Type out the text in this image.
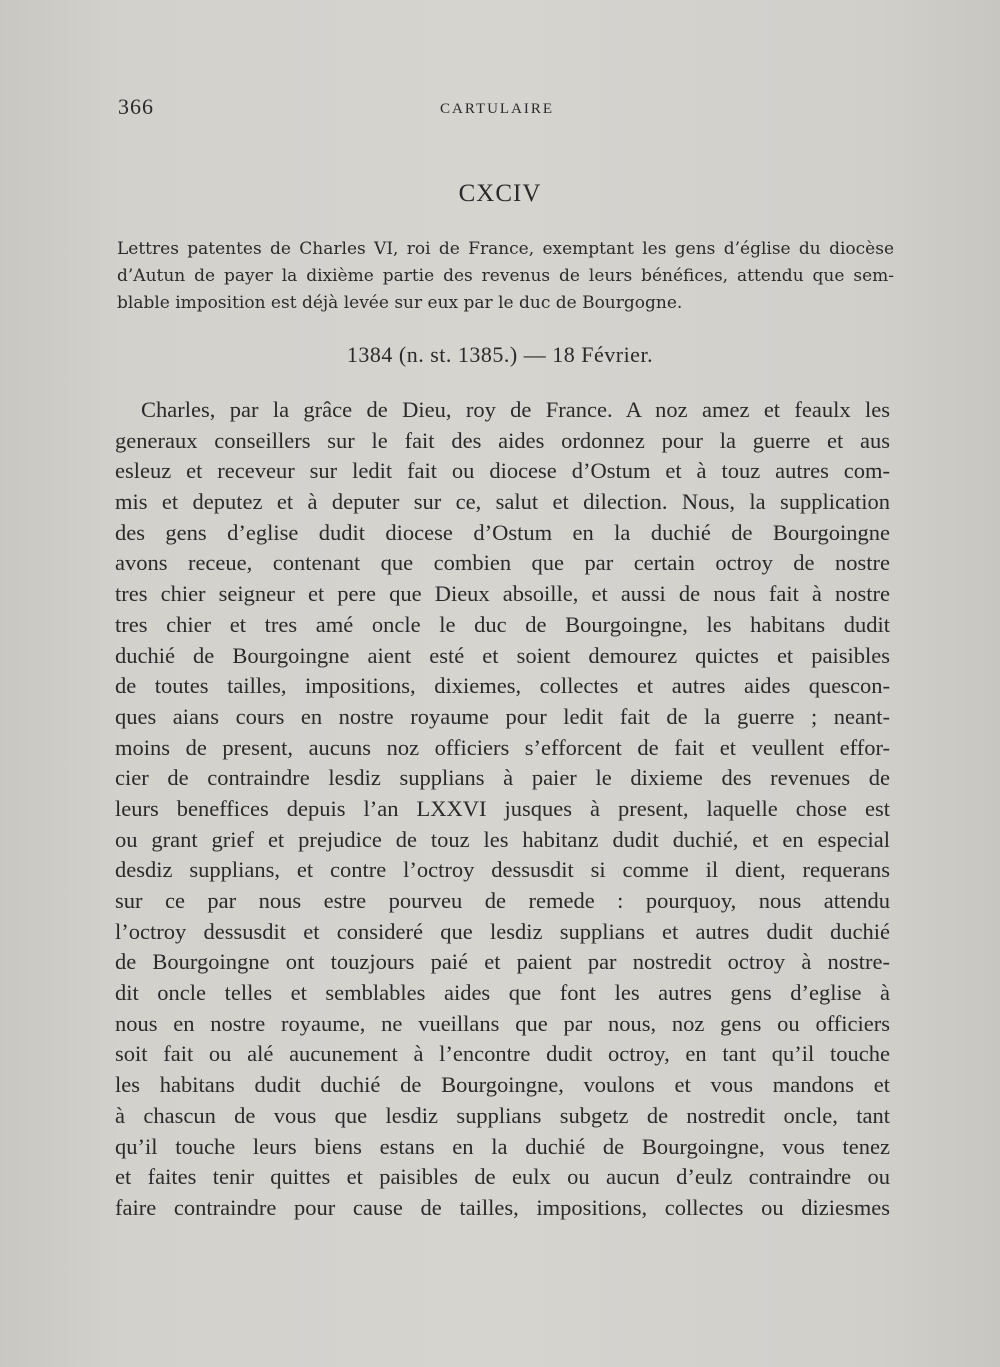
366	CARTULAIRE
CXCIV
Lettres patentes de Charles VI, roi de France, exemptant les gens d’église du diocèse
d’Autun de payer la dixième partie des revenus de leurs bénéfices, attendu que sem-
blable imposition est déjà levée sur eux par le duc de Bourgogne.
1384 (n. st. 1385.) — 18 Février.
Charles, par la grâce de Dieu, roy de France. A noz amez et feaulx les
generaux conseillers sur le fait des aides ordonnez pour la guerre et aus
esleuz et receveur sur ledit fait ou diocese d’Ostum et à touz autres com-
mis et deputez et à deputer sur ce, salut et dilection. Nous, la supplication
des gens d’eglise dudit diocese d’Ostum en la duchié de Bourgoingne
avons receue, contenant que combien que par certain octroy de nostre
tres chier seigneur et pere que Dieux absoille, et aussi de nous fait à nostre
tres chier et tres amé oncle le duc de Bourgoingne, les habitans dudit
duchié de Bourgoingne aient esté et soient demourez quictes et paisibles
de toutes tailles, impositions, dixiemes, collectes et autres aides quescon-
ques aians cours en nostre royaume pour ledit fait de la guerre ; neant-
moins de present, aucuns noz officiers s’efforcent de fait et veullent effor-
cier de contraindre lesdiz supplians à paier le dixieme des revenues de
leurs beneffices depuis l’an LXXVI jusques à present, laquelle chose est
ou grant grief et prejudice de touz les habitanz dudit duchié, et en especial
desdiz supplians, et contre l’octroy dessusdit si comme il dient, requerans
sur ce par nous estre pourveu de remede : pourquoy, nous attendu
l’octroy dessusdit et consideré que lesdiz supplians et autres dudit duchié
de Bourgoingne ont touzjours paié et paient par nostredit octroy à nostre-
dit oncle telles et semblables aides que font les autres gens d’eglise à
nous en nostre royaume, ne vueillans que par nous, noz gens ou officiers
soit fait ou alé aucunement à l’encontre dudit octroy, en tant qu’il touche
les habitans dudit duchié de Bourgoingne, voulons et vous mandons et
à chascun de vous que lesdiz supplians subgetz de nostredit oncle, tant
qu’il touche leurs biens estans en la duchié de Bourgoingne, vous tenez
et faites tenir quittes et paisibles de eulx ou aucun d’eulz contraindre ou
faire contraindre pour cause de tailles, impositions, collectes ou diziesmes
